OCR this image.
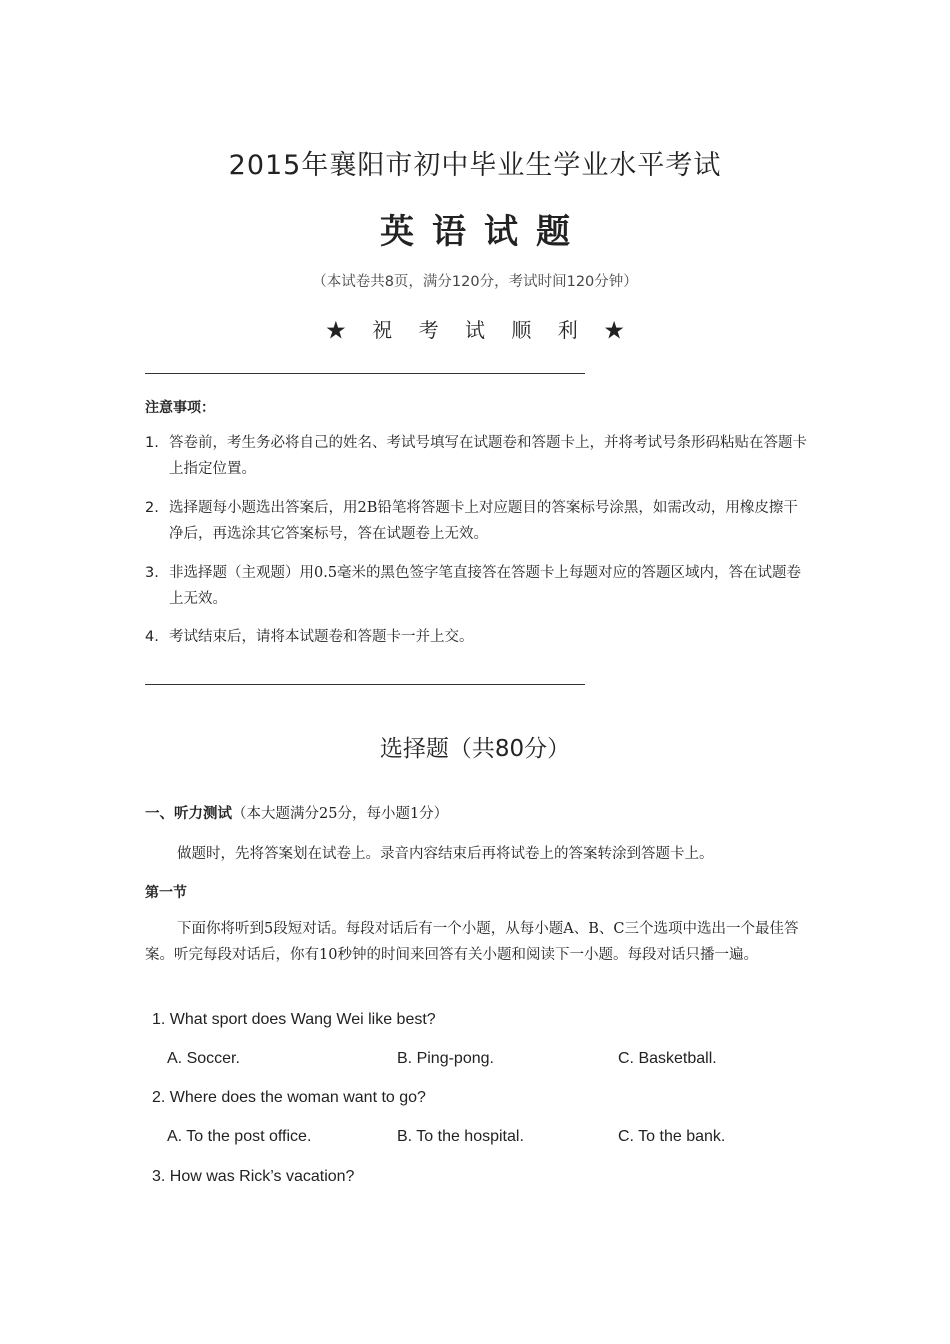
2015年襄阳市初中毕业生学业水平考试
英语试题
（本试卷共8页，满分120分，考试时间120分钟）
★ 祝 考 试 顺 利 ★
注意事项：
1. 答卷前，考生务必将自己的姓名、考试号填写在试题卷和答题卡上，并将考试号条形码粘贴在答题卡上指定位置。
2. 选择题每小题选出答案后，用2B铅笔将答题卡上对应题目的答案标号涂黑，如需改动，用橡皮擦干净后，再选涂其它答案标号，答在试题卷上无效。
3. 非选择题（主观题）用0.5毫米的黑色签字笔直接答在答题卡上每题对应的答题区域内，答在试题卷上无效。
4. 考试结束后，请将本试题卷和答题卡一并上交。
选择题（共80分）
一、听力测试（本大题满分25分，每小题1分）
做题时，先将答案划在试卷上。录音内容结束后再将试卷上的答案转涂到答题卡上。
第一节
下面你将听到5段短对话。每段对话后有一个小题，从每小题A、B、C三个选项中选出一个最佳答案。听完每段对话后，你有10秒钟的时间来回答有关小题和阅读下一小题。每段对话只播一遍。
1. What sport does Wang Wei like best?
A. Soccer.	B. Ping-pong.	C. Basketball.
2. Where does the woman want to go?
A. To the post office.	B. To the hospital.	C. To the bank.
3. How was Rick’s vacation?
